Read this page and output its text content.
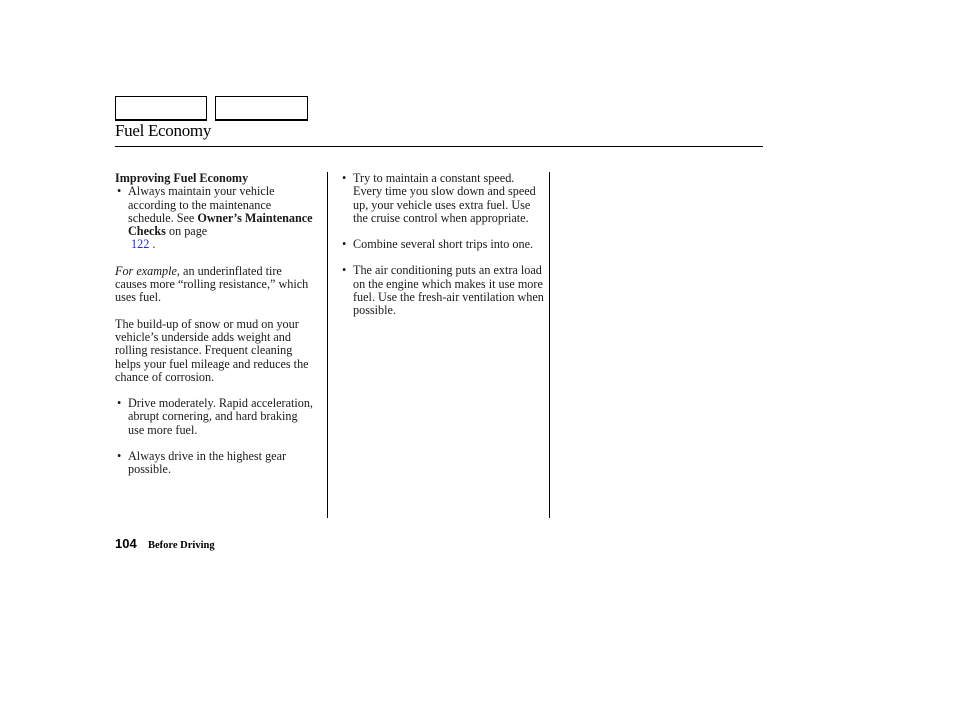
Fuel Economy

Improving Fuel Economy

• Always maintain your vehicle according to the maintenance schedule. See Owner’s Maintenance Checks on page
122 .

For example, an underinflated tire causes more “rolling resistance,” which uses fuel.

The build-up of snow or mud on your vehicle’s underside adds weight and rolling resistance. Frequent cleaning helps your fuel mileage and reduces the chance of corrosion.

• Drive moderately. Rapid acceleration, abrupt cornering, and hard braking use more fuel.

• Always drive in the highest gear possible.

• Try to maintain a constant speed. Every time you slow down and speed up, your vehicle uses extra fuel. Use the cruise control when appropriate.

• Combine several short trips into one.

• The air conditioning puts an extra load on the engine which makes it use more fuel. Use the fresh-air ventilation when possible.

104 Before Driving
